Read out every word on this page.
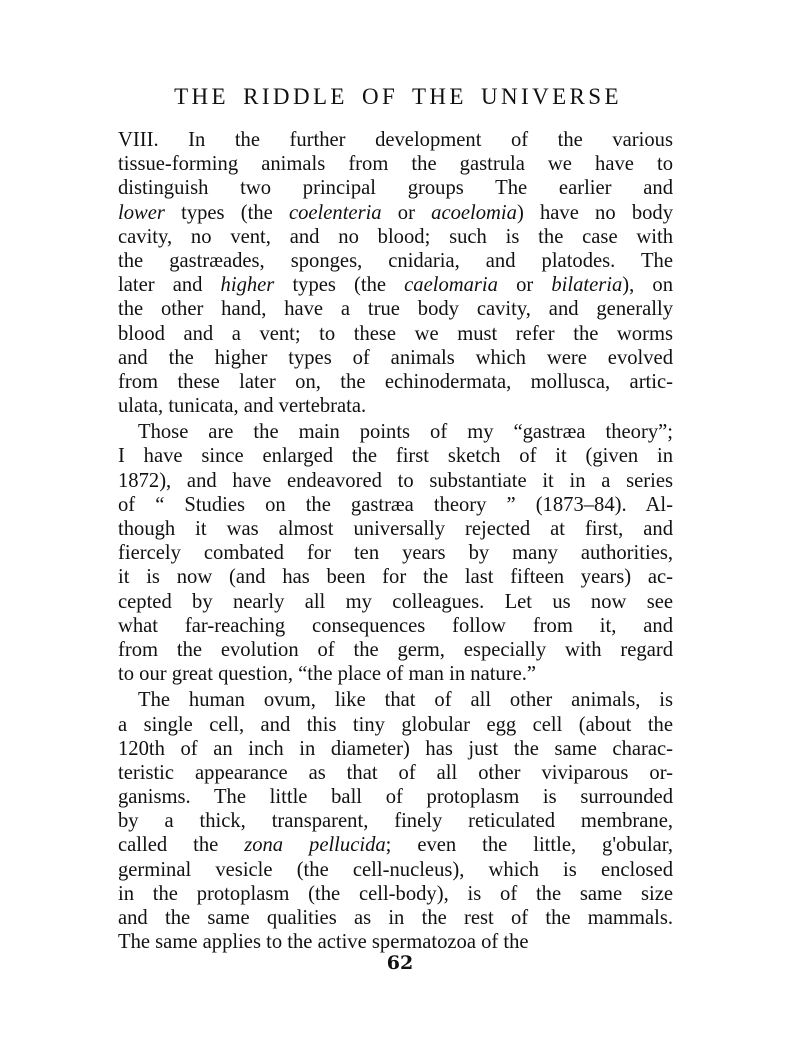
THE RIDDLE OF THE UNIVERSE
VIII. In the further development of the various
tissue-forming animals from the gastrula we have to
distinguish two principal groups The earlier and
lower types (the coelenteria or acoelomia) have no body
cavity, no vent, and no blood; such is the case with
the gastræades, sponges, cnidaria, and platodes. The
later and higher types (the caelomaria or bilateria), on
the other hand, have a true body cavity, and generally
blood and a vent; to these we must refer the worms
and the higher types of animals which were evolved
from these later on, the echinodermata, mollusca, artic-
ulata, tunicata, and vertebrata.
Those are the main points of my “gastræa theory”;
I have since enlarged the first sketch of it (given in
1872), and have endeavored to substantiate it in a series
of “ Studies on the gastræa theory ” (1873–84). Al-
though it was almost universally rejected at first, and
fiercely combated for ten years by many authorities,
it is now (and has been for the last fifteen years) ac-
cepted by nearly all my colleagues. Let us now see
what far-reaching consequences follow from it, and
from the evolution of the germ, especially with regard
to our great question, “the place of man in nature.”
The human ovum, like that of all other animals, is
a single cell, and this tiny globular egg cell (about the
120th of an inch in diameter) has just the same charac-
teristic appearance as that of all other viviparous or-
ganisms. The little ball of protoplasm is surrounded
by a thick, transparent, finely reticulated membrane,
called the zona pellucida; even the little, g'obular,
germinal vesicle (the cell-nucleus), which is enclosed
in the protoplasm (the cell-body), is of the same size
and the same qualities as in the rest of the mammals.
The same applies to the active spermatozoa of the
62
